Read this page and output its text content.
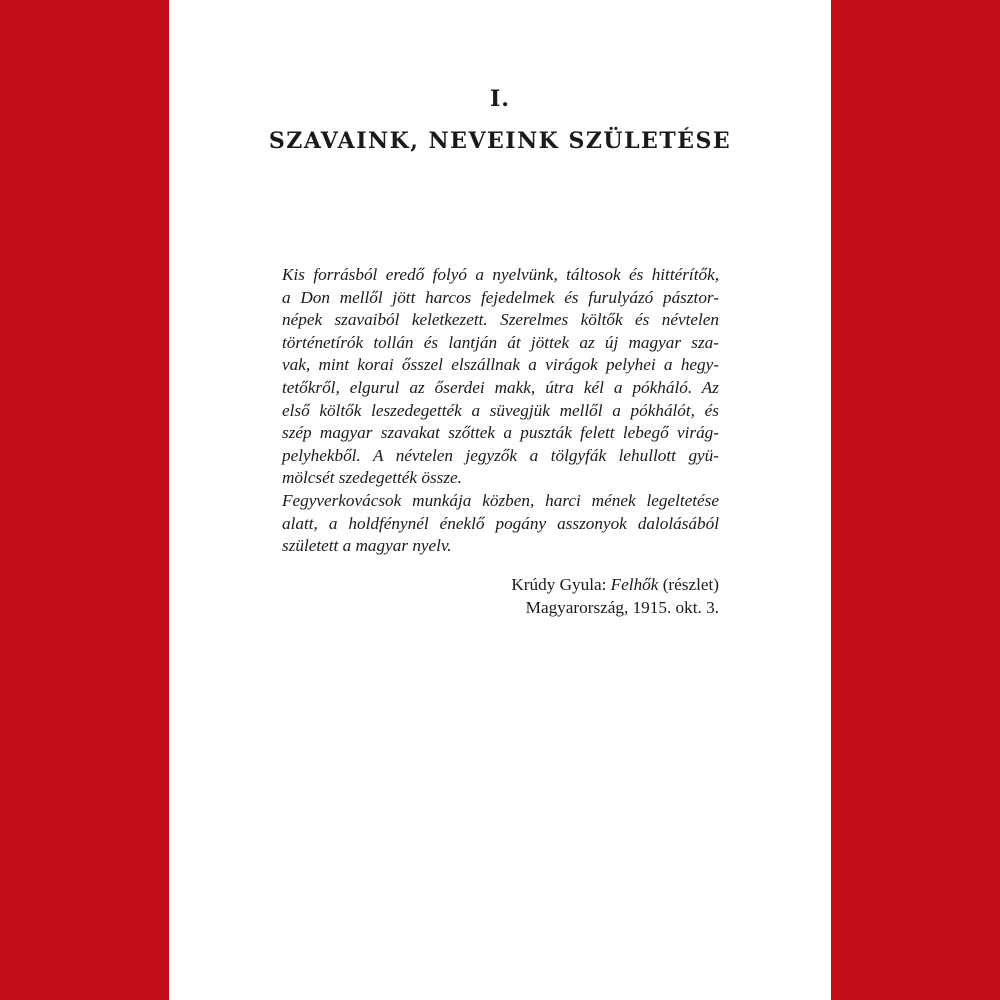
I.
SZAVAINK, NEVEINK SZÜLETÉSE
Kis forrásból eredő folyó a nyelvünk, táltosok és hittérítők,
a Don mellől jött harcos fejedelmek és furulyázó pásztor-
népek szavaiból keletkezett. Szerelmes költők és névtelen
történetírók tollán és lantján át jöttek az új magyar sza-
vak, mint korai ősszel elszállnak a virágok pelyhei a hegy-
tetőkről, elgurul az őserdei makk, útra kél a pókháló. Az
első költők leszedegették a süvegjük mellől a pókhálót, és
szép magyar szavakat szőttek a puszták felett lebegő virág-
pelyhekből. A névtelen jegyzők a tölgyfák lehullott gyü-
mölcsét szedegették össze.
Fegyverkovácsok munkája közben, harci mének legeltetése
alatt, a holdfénynél éneklő pogány asszonyok dalolásából
született a magyar nyelv.
Krúdy Gyula: Felhők (részlet)
Magyarország, 1915. okt. 3.
